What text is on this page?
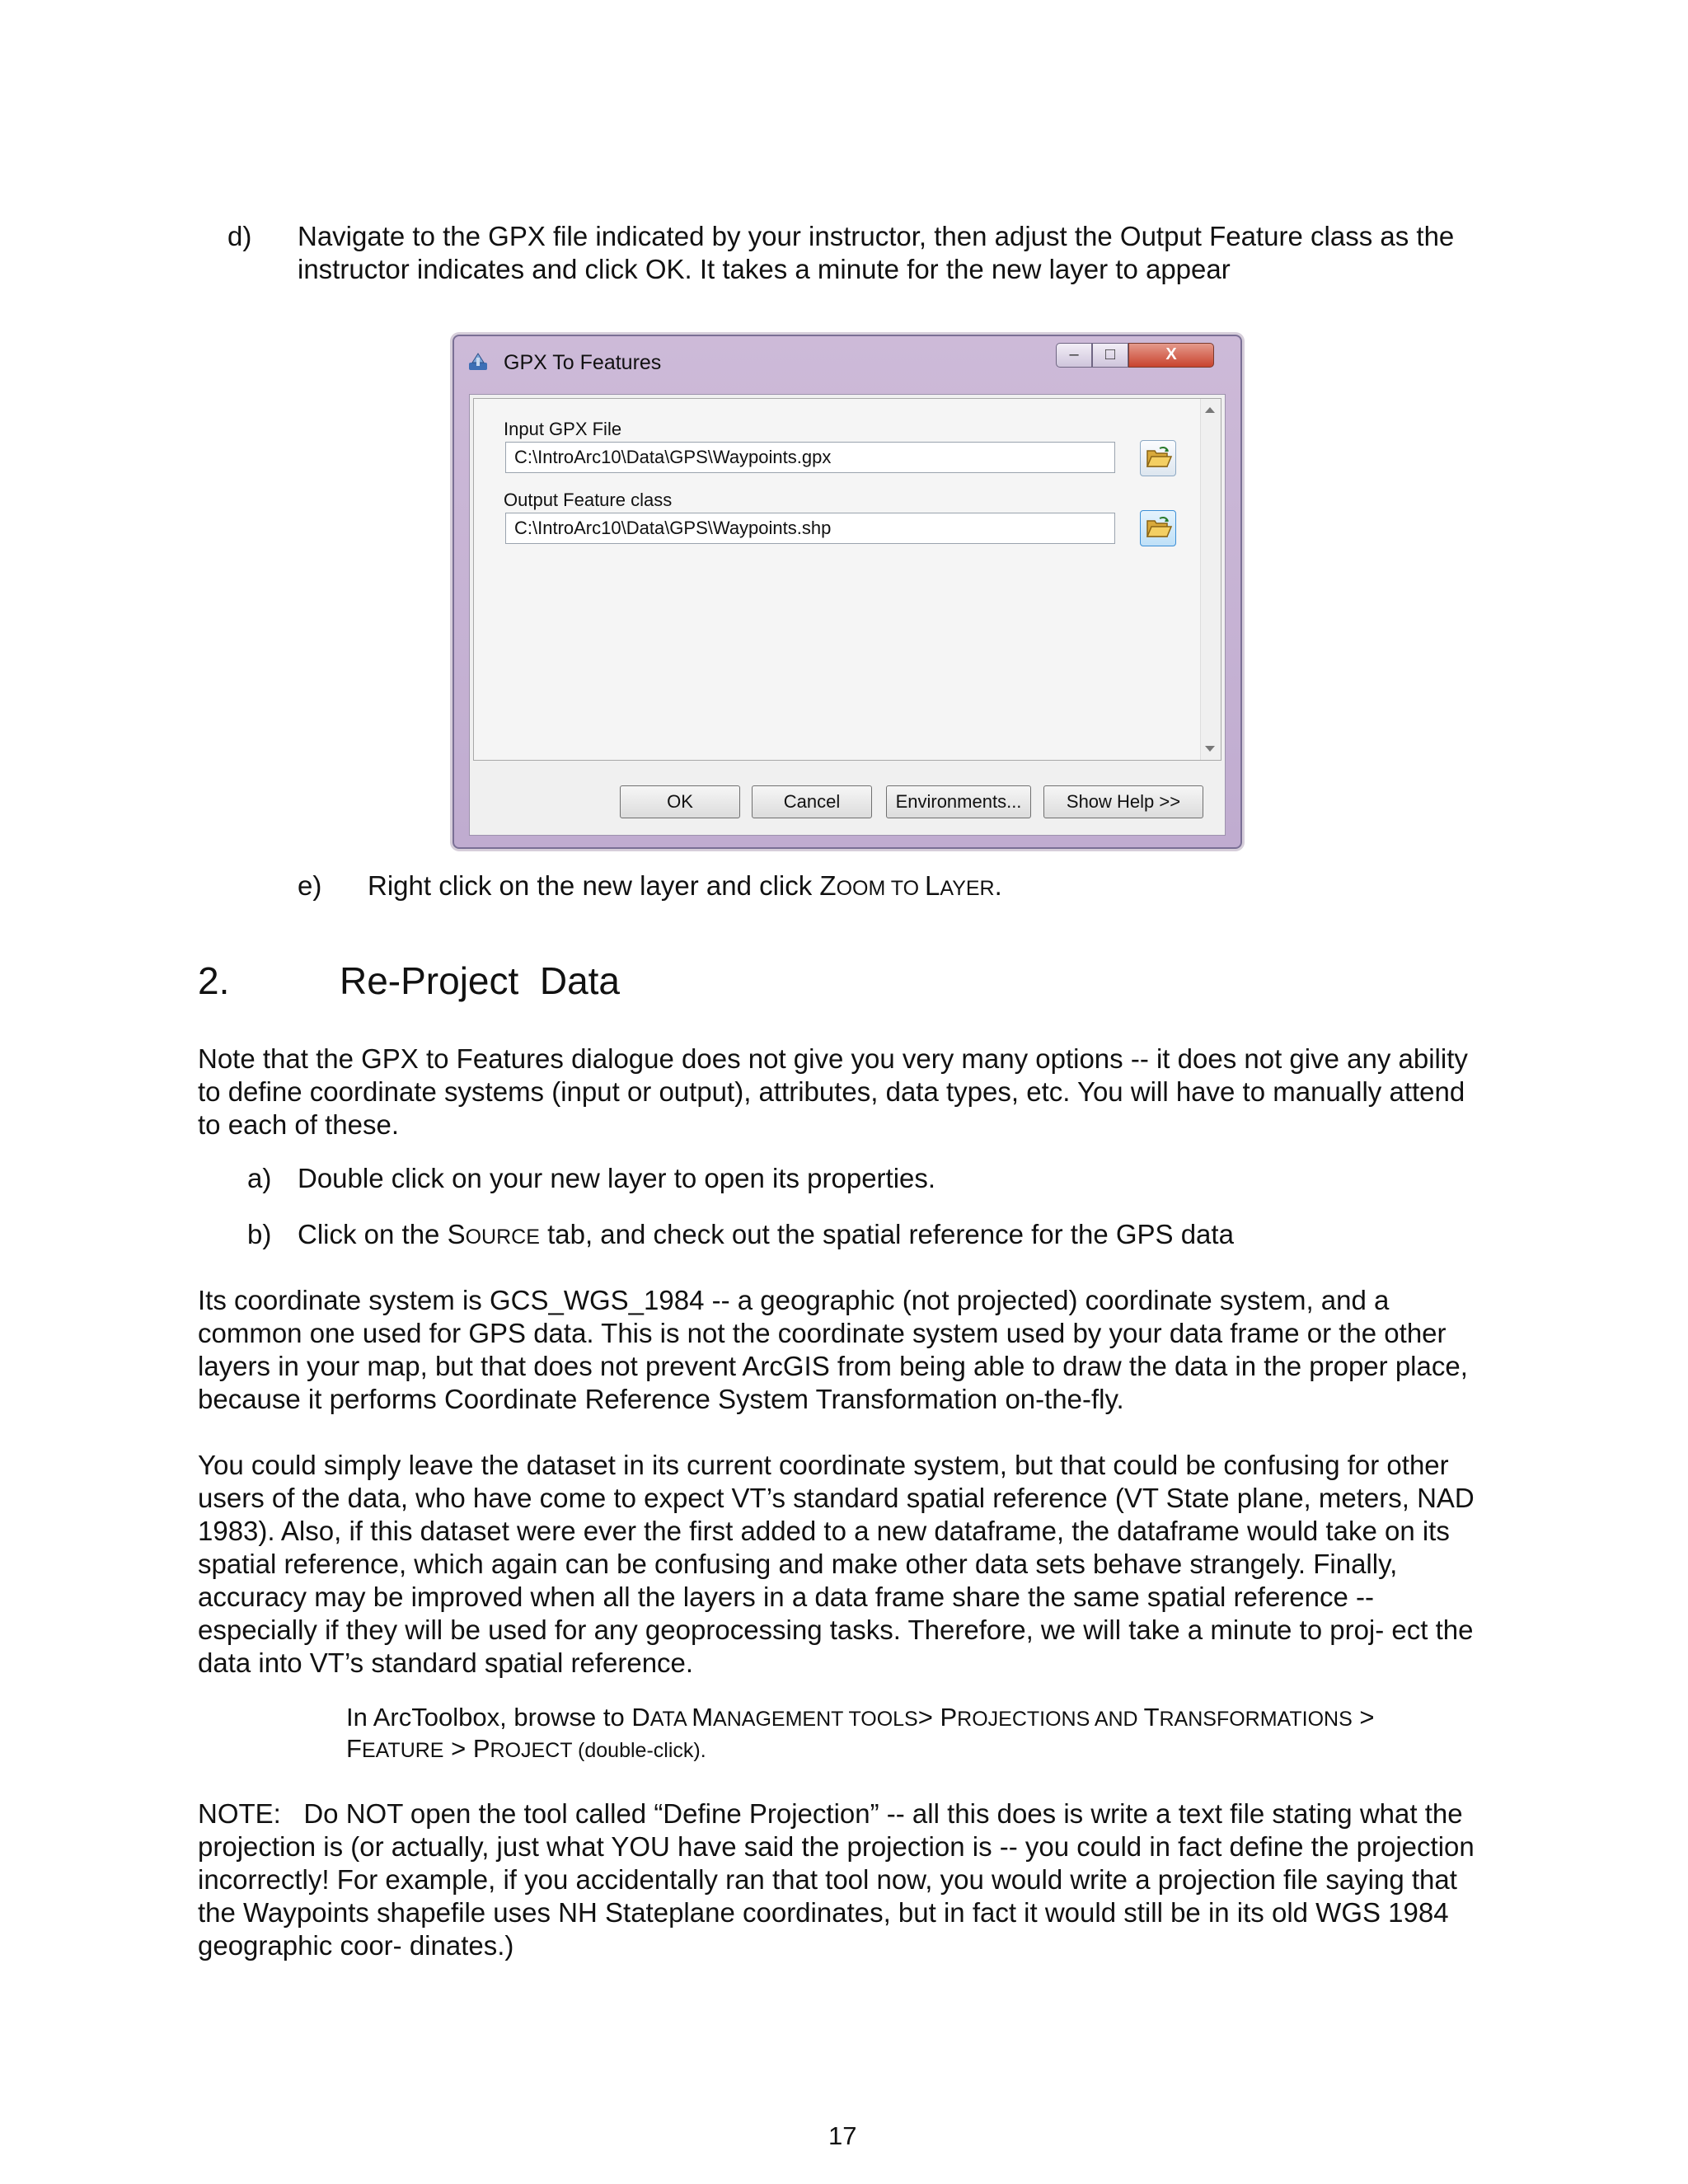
d) Navigate to the GPX file indicated by your instructor, then adjust the Output Feature class as the
instructor indicates and click OK. It takes a minute for the new layer to appear
GPX To Features	–	□	X
Input GPX File
C:\IntroArc10\Data\GPS\Waypoints.gpx
Output Feature class
C:\IntroArc10\Data\GPS\Waypoints.shp
OK	Cancel	Environments...	Show Help >>
e) Right click on the new layer and click ZOOM TO LAYER.
2.	Re-Project  Data
Note that the GPX to Features dialogue does not give you very many options -- it does not give any ability
to define coordinate systems (input or output), attributes, data types, etc. You will have to manually attend
to each of these.
a) Double click on your new layer to open its properties.
b) Click on the SOURCE tab, and check out the spatial reference for the GPS data
Its coordinate system is GCS_WGS_1984 -- a geographic (not projected) coordinate system, and a
common one used for GPS data. This is not the coordinate system used by your data frame or the other
layers in your map, but that does not prevent ArcGIS from being able to draw the data in the proper place,
because it performs Coordinate Reference System Transformation on-the-fly.
You could simply leave the dataset in its current coordinate system, but that could be confusing for other
users of the data, who have come to expect VT’s standard spatial reference (VT State plane, meters, NAD
1983). Also, if this dataset were ever the first added to a new dataframe, the dataframe would take on its
spatial reference, which again can be confusing and make other data sets behave strangely. Finally,
accuracy may be improved when all the layers in a data frame share the same spatial reference --
especially if they will be used for any geoprocessing tasks. Therefore, we will take a minute to proj- ect the
data into VT’s standard spatial reference.
In ArcToolbox, browse to DATA MANAGEMENT TOOLS> PROJECTIONS AND TRANSFORMATIONS >
FEATURE > PROJECT (double-click).
NOTE:   Do NOT open the tool called “Define Projection” -- all this does is write a text file stating what the
projection is (or actually, just what YOU have said the projection is -- you could in fact define the projection
incorrectly! For example, if you accidentally ran that tool now, you would write a projection file saying that
the Waypoints shapefile uses NH Stateplane coordinates, but in fact it would still be in its old WGS 1984
geographic coor- dinates.)
17
